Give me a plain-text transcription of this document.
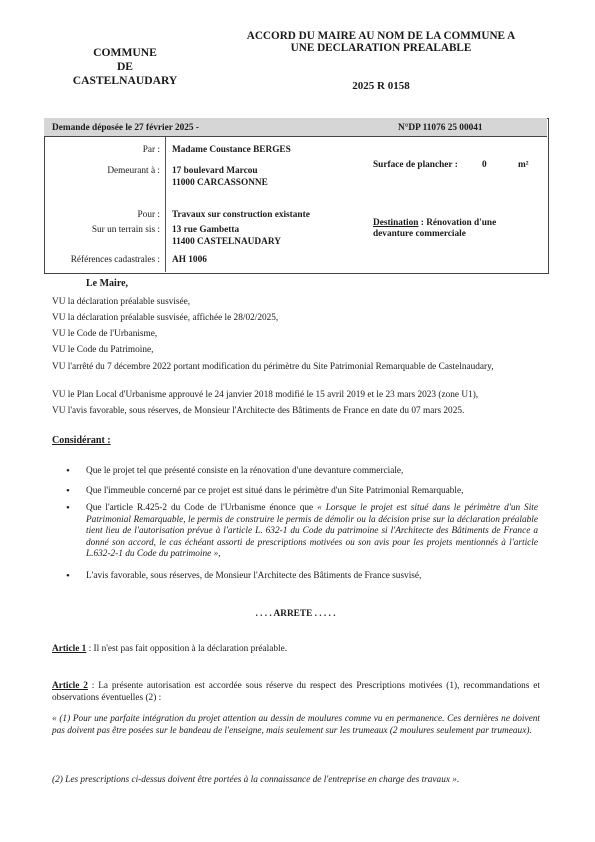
COMMUNE
DE
CASTELNAUDARY
ACCORD DU MAIRE AU NOM DE LA COMMUNE A
UNE DECLARATION PREALABLE
2025 R 0158
Demande déposée le 27 février 2025 -	N°DP 11076 25 00041
Par : Madame Coustance BERGES
Demeurant à : 17 boulevard Marcou
11000 CARCASSONNE
Surface de plancher :	0	m²
Pour : Travaux sur construction existante
Sur un terrain sis : 13 rue Gambetta
11400 CASTELNAUDARY
Destination : Rénovation d'une devanture commerciale
Références cadastrales : AH 1006
Le Maire,
VU la déclaration préalable susvisée,
VU la déclaration préalable susvisée, affichée le 28/02/2025,
VU le Code de l'Urbanisme,
VU le Code du Patrimoine,
VU l'arrêté du 7 décembre 2022 portant modification du périmètre du Site Patrimonial Remarquable de Castelnaudary,
VU le Plan Local d'Urbanisme approuvé le 24 janvier 2018 modifié le 15 avril 2019 et le 23 mars 2023 (zone U1),
VU l'avis favorable, sous réserves, de Monsieur l'Architecte des Bâtiments de France en date du 07 mars 2025.
Considérant :
• Que le projet tel que présenté consiste en la rénovation d'une devanture commerciale,
• Que l'immeuble concerné par ce projet est situé dans le périmètre d'un Site Patrimonial Remarquable,
• Que l'article R.425-2 du Code de l'Urbanisme énonce que « Lorsque le projet est situé dans le périmètre d'un Site Patrimonial Remarquable, le permis de construire le permis de démolir ou la décision prise sur la déclaration préalable tient lieu de l'autorisation prévue à l'article L. 632-1 du Code du patrimoine si l'Architecte des Bâtiments de France a donné son accord, le cas échéant assorti de prescriptions motivées ou son avis pour les projets mentionnés à l'article L.632-2-1 du Code du patrimoine »,
• L'avis favorable, sous réserves, de Monsieur l'Architecte des Bâtiments de France susvisé,
. . . . ARRETE . . . . .
Article 1 : Il n'est pas fait opposition à la déclaration préalable.
Article 2 : La présente autorisation est accordée sous réserve du respect des Prescriptions motivées (1), recommandations et observations éventuelles (2) :
« (1) Pour une parfaite intégration du projet attention au dessin de moulures comme vu en permanence. Ces dernières ne doivent pas doivent pas être posées sur le bandeau de l'enseigne, mais seulement sur les trumeaux (2 moulures seulement par trumeaux).
(2) Les prescriptions ci-dessus doivent être portées à la connaissance de l'entreprise en charge des travaux ».
